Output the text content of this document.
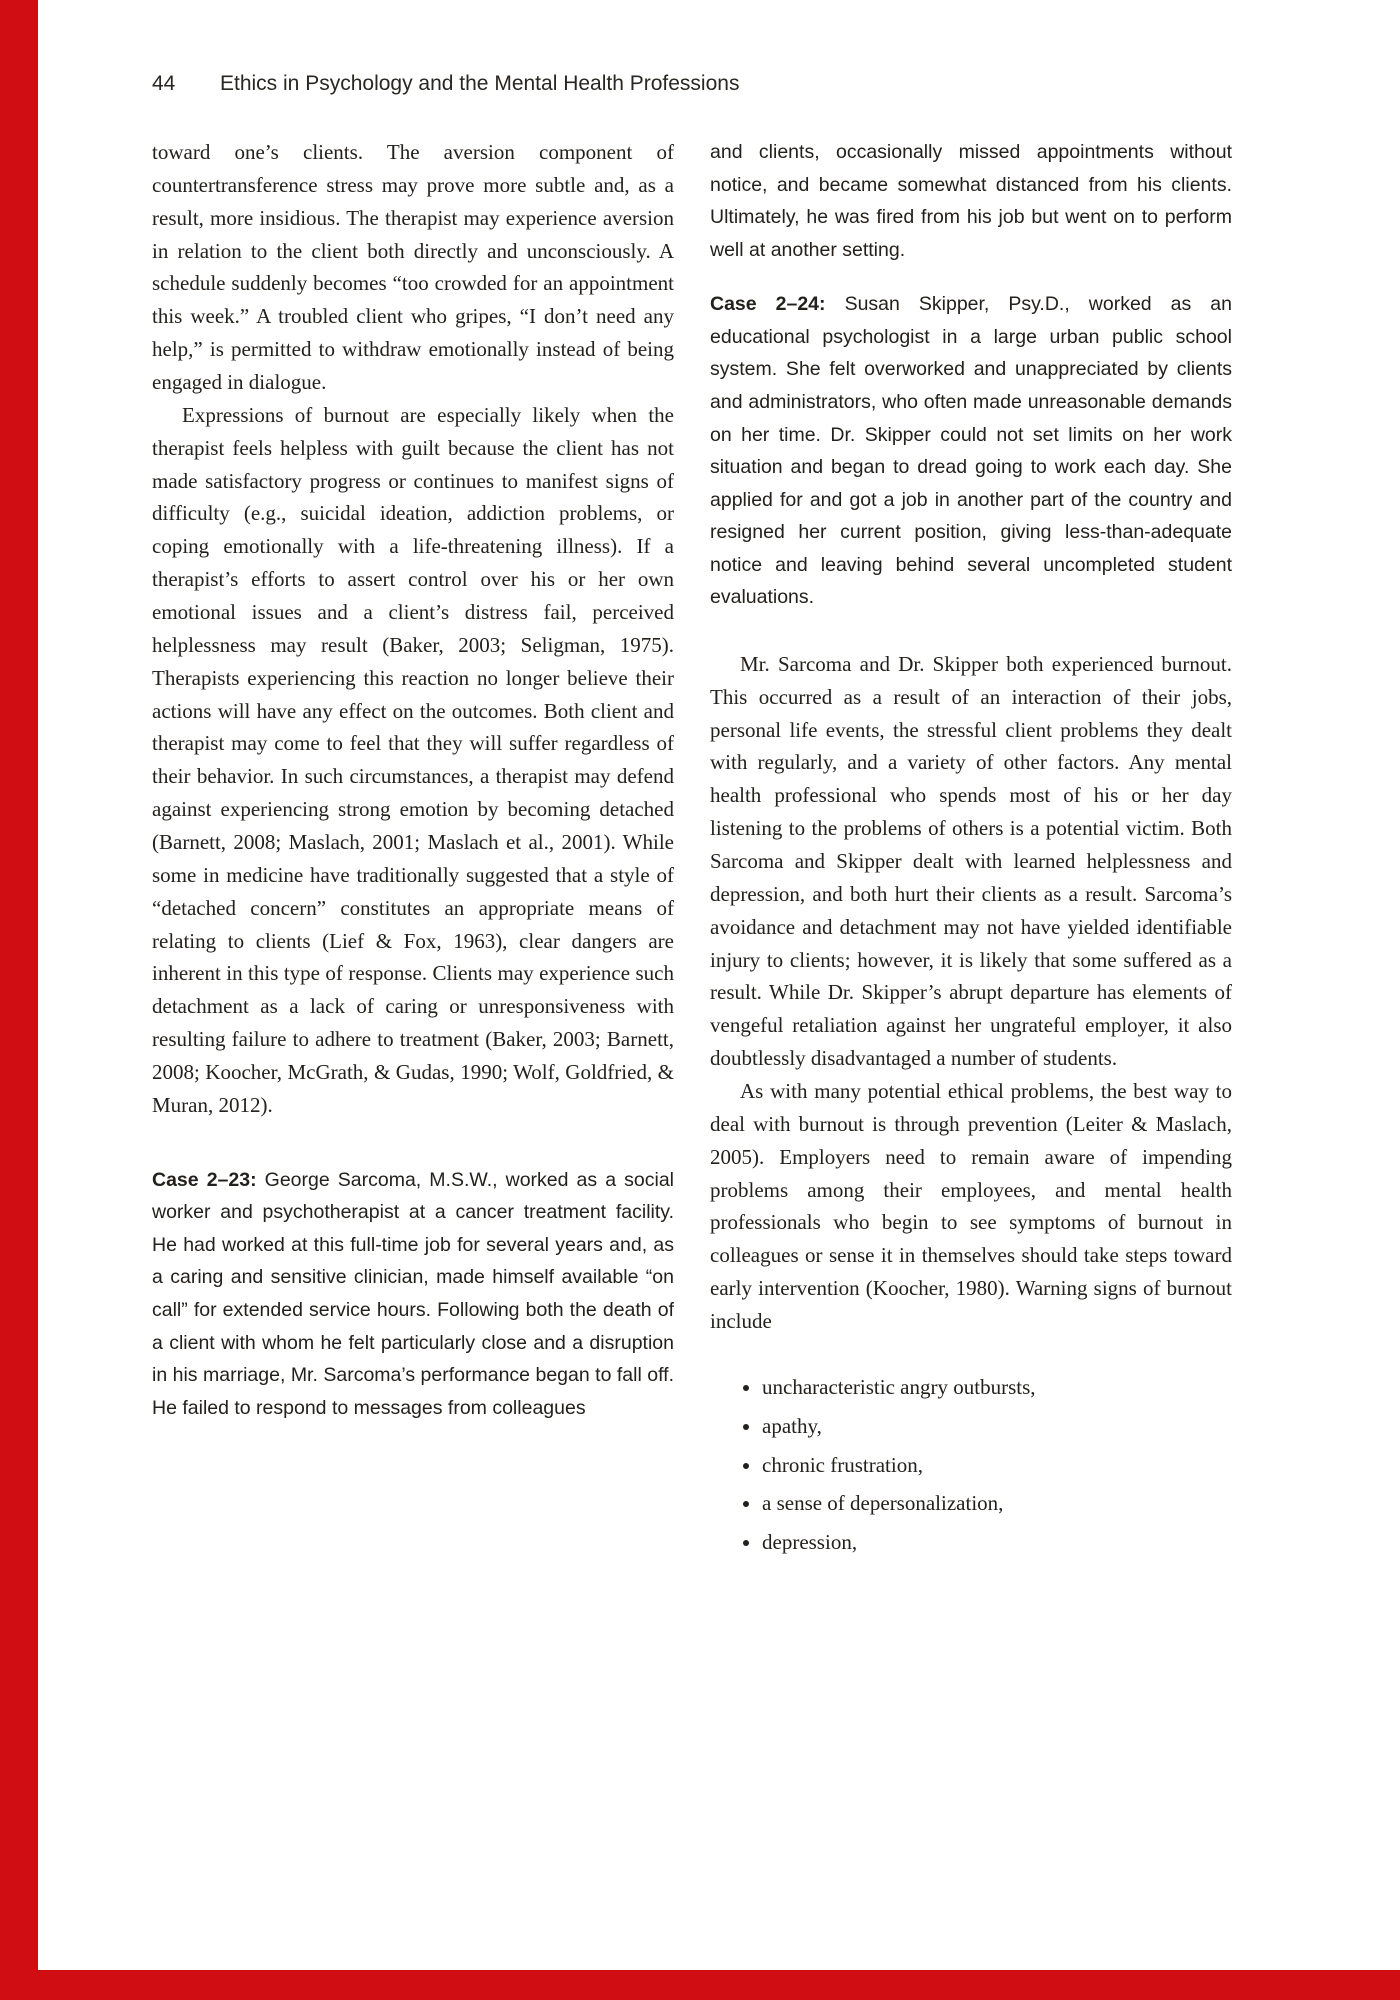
44	Ethics in Psychology and the Mental Health Professions

toward one’s clients. The aversion component of countertransference stress may prove more subtle and, as a result, more insidious. The therapist may experience aversion in relation to the client both directly and unconsciously. A schedule suddenly becomes “too crowded for an appointment this week.” A troubled client who gripes, “I don’t need any help,” is permitted to withdraw emotionally instead of being engaged in dialogue.

Expressions of burnout are especially likely when the therapist feels helpless with guilt because the client has not made satisfactory progress or continues to manifest signs of difficulty (e.g., suicidal ideation, addiction problems, or coping emotionally with a life-threatening illness). If a therapist’s efforts to assert control over his or her own emotional issues and a client’s distress fail, perceived helplessness may result (Baker, 2003; Seligman, 1975). Therapists experiencing this reaction no longer believe their actions will have any effect on the outcomes. Both client and therapist may come to feel that they will suffer regardless of their behavior. In such circumstances, a therapist may defend against experiencing strong emotion by becoming detached (Barnett, 2008; Maslach, 2001; Maslach et al., 2001). While some in medicine have traditionally suggested that a style of “detached concern” constitutes an appropriate means of relating to clients (Lief & Fox, 1963), clear dangers are inherent in this type of response. Clients may experience such detachment as a lack of caring or unresponsiveness with resulting failure to adhere to treatment (Baker, 2003; Barnett, 2008; Koocher, McGrath, & Gudas, 1990; Wolf, Goldfried, & Muran, 2012).

Case 2–23: George Sarcoma, M.S.W., worked as a social worker and psychotherapist at a cancer treatment facility. He had worked at this full-time job for several years and, as a caring and sensitive clinician, made himself available “on call” for extended service hours. Following both the death of a client with whom he felt particularly close and a disruption in his marriage, Mr. Sarcoma’s performance began to fall off. He failed to respond to messages from colleagues

and clients, occasionally missed appointments without notice, and became somewhat distanced from his clients. Ultimately, he was fired from his job but went on to perform well at another setting.

Case 2–24: Susan Skipper, Psy.D., worked as an educational psychologist in a large urban public school system. She felt overworked and unappreciated by clients and administrators, who often made unreasonable demands on her time. Dr. Skipper could not set limits on her work situation and began to dread going to work each day. She applied for and got a job in another part of the country and resigned her current position, giving less-than-adequate notice and leaving behind several uncompleted student evaluations.

Mr. Sarcoma and Dr. Skipper both experienced burnout. This occurred as a result of an interaction of their jobs, personal life events, the stressful client problems they dealt with regularly, and a variety of other factors. Any mental health professional who spends most of his or her day listening to the problems of others is a potential victim. Both Sarcoma and Skipper dealt with learned helplessness and depression, and both hurt their clients as a result. Sarcoma’s avoidance and detachment may not have yielded identifiable injury to clients; however, it is likely that some suffered as a result. While Dr. Skipper’s abrupt departure has elements of vengeful retaliation against her ungrateful employer, it also doubtlessly disadvantaged a number of students.

As with many potential ethical problems, the best way to deal with burnout is through prevention (Leiter & Maslach, 2005). Employers need to remain aware of impending problems among their employees, and mental health professionals who begin to see symptoms of burnout in colleagues or sense it in themselves should take steps toward early intervention (Koocher, 1980). Warning signs of burnout include

• uncharacteristic angry outbursts,
• apathy,
• chronic frustration,
• a sense of depersonalization,
• depression,
